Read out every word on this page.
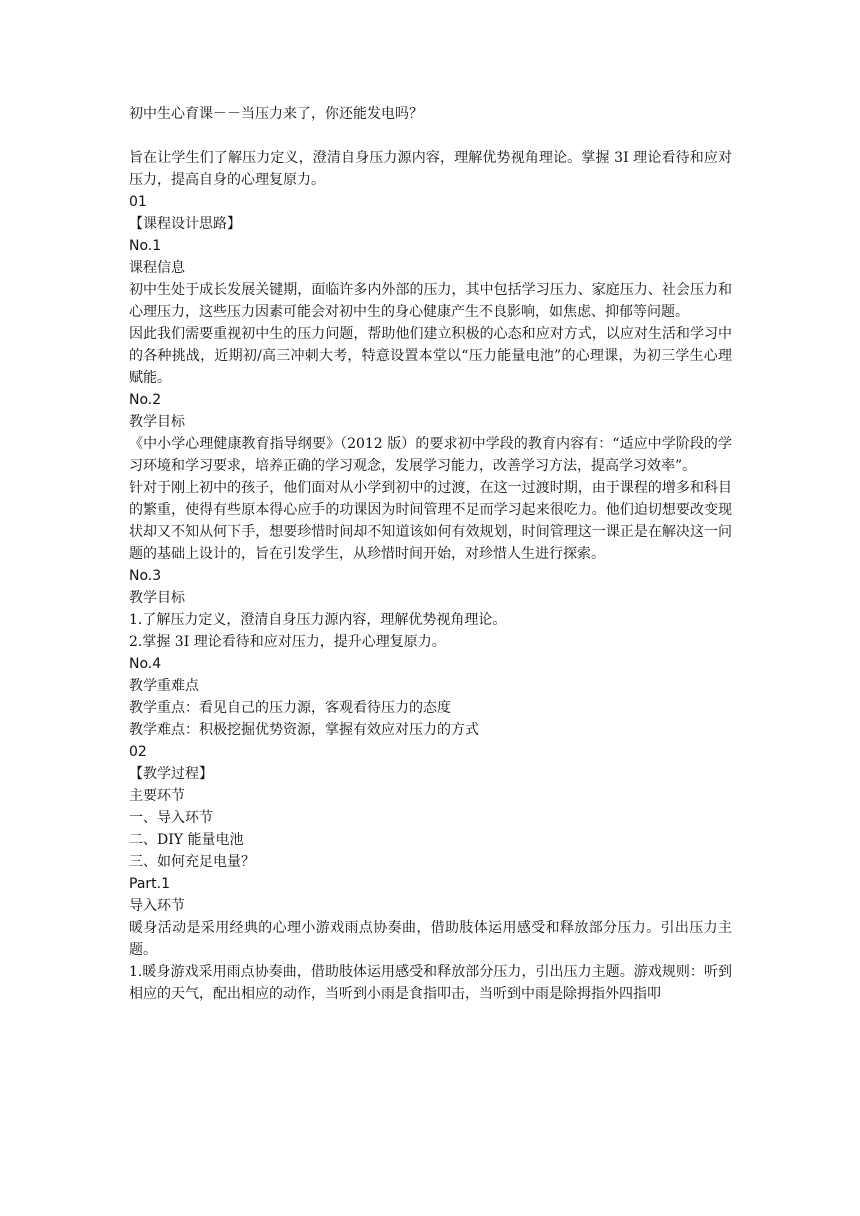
初中生心育课－－当压力来了，你还能发电吗？

旨在让学生们了解压力定义，澄清自身压力源内容，理解优势视角理论。掌握 3I 理论看待和应对压力，提高自身的心理复原力。

01

【课程设计思路】

No.1

课程信息

初中生处于成长发展关键期，面临许多内外部的压力，其中包括学习压力、家庭压力、社会压力和心理压力，这些压力因素可能会对初中生的身心健康产生不良影响，如焦虑、抑郁等问题。

因此我们需要重视初中生的压力问题，帮助他们建立积极的心态和应对方式，以应对生活和学习中的各种挑战，近期初/高三冲刺大考，特意设置本堂以“压力能量电池”的心理课，为初三学生心理赋能。

No.2

教学目标

《中小学心理健康教育指导纲要》（2012 版）的要求初中学段的教育内容有：“适应中学阶段的学习环境和学习要求，培养正确的学习观念，发展学习能力，改善学习方法，提高学习效率”。

针对于刚上初中的孩子，他们面对从小学到初中的过渡，在这一过渡时期，由于课程的增多和科目的繁重，使得有些原本得心应手的功课因为时间管理不足而学习起来很吃力。他们迫切想要改变现状却又不知从何下手，想要珍惜时间却不知道该如何有效规划，时间管理这一课正是在解决这一问题的基础上设计的，旨在引发学生，从珍惜时间开始，对珍惜人生进行探索。

No.3

教学目标

1.了解压力定义，澄清自身压力源内容，理解优势视角理论。

2.掌握 3I 理论看待和应对压力，提升心理复原力。

No.4

教学重难点

教学重点：看见自己的压力源，客观看待压力的态度

教学难点：积极挖掘优势资源，掌握有效应对压力的方式

02

【教学过程】

主要环节

一、导入环节

二、DIY 能量电池

三、如何充足电量？

Part.1

导入环节

暖身活动是采用经典的心理小游戏雨点协奏曲，借助肢体运用感受和释放部分压力。引出压力主题。

1.暖身游戏采用雨点协奏曲，借助肢体运用感受和释放部分压力，引出压力主题。游戏规则：听到相应的天气，配出相应的动作，当听到小雨是食指叩击，当听到中雨是除拇指外四指叩
